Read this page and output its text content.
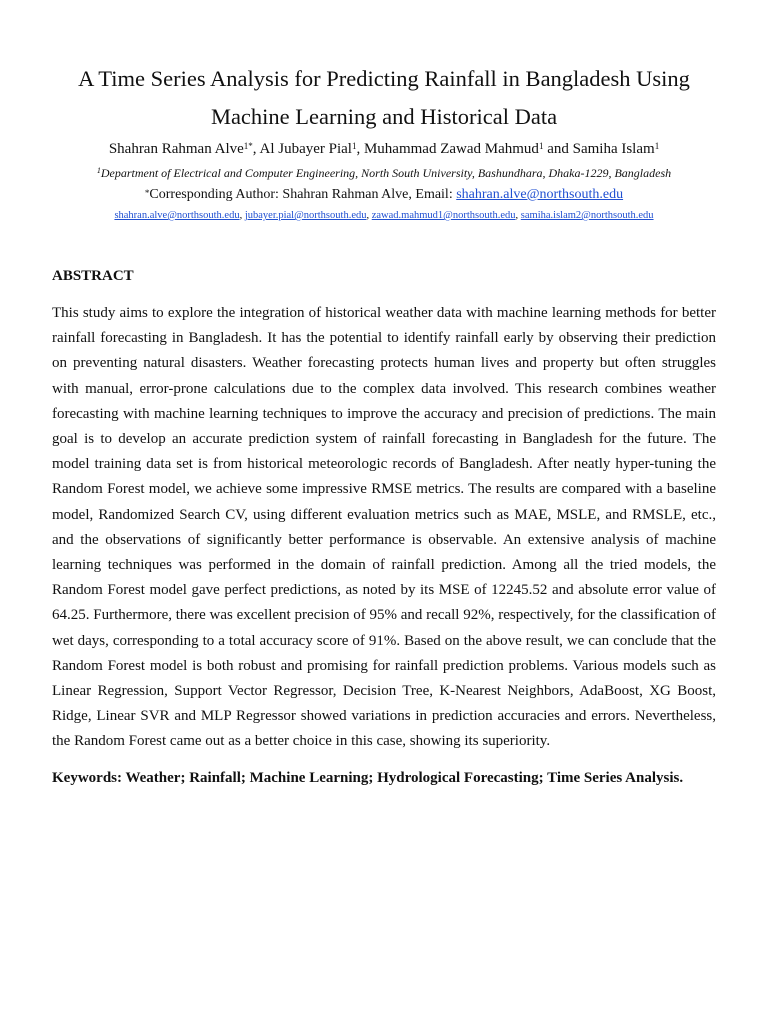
A Time Series Analysis for Predicting Rainfall in Bangladesh Using
Machine Learning and Historical Data
Shahran Rahman Alve$^{1*}$, Al Jubayer Pial$^1$, Muhammad Zawad Mahmud$^1$ and Samiha Islam$^1$
$^1$Department of Electrical and Computer Engineering, North South University, Bashundhara, Dhaka-1229, Bangladesh
*Corresponding Author: Shahran Rahman Alve, Email: shahran.alve@northsouth.edu
shahran.alve@northsouth.edu, jubayer.pial@northsouth.edu, zawad.mahmud1@northsouth.edu, samiha.islam2@northsouth.edu
ABSTRACT

This study aims to explore the integration of historical weather data with machine learning methods for better rainfall forecasting in Bangladesh. It has the potential to identify rainfall early by observing their prediction on preventing natural disasters. Weather forecasting protects human lives and property but often struggles with manual, error-prone calculations due to the complex data involved. This research combines weather forecasting with machine learning techniques to improve the accuracy and precision of predictions. The main goal is to develop an accurate prediction system of rainfall forecasting in Bangladesh for the future. The model training data set is from historical meteorologic records of Bangladesh. After neatly hyper-tuning the Random Forest model, we achieve some impressive RMSE metrics. The results are compared with a baseline model, Randomized Search CV, using different evaluation metrics such as MAE, MSLE, and RMSLE, etc., and the observations of significantly better performance is observable. An extensive analysis of machine learning techniques was performed in the domain of rainfall prediction. Among all the tried models, the Random Forest model gave perfect predictions, as noted by its MSE of 12245.52 and absolute error value of 64.25. Furthermore, there was excellent precision of 95% and recall 92%, respectively, for the classification of wet days, corresponding to a total accuracy score of 91%. Based on the above result, we can conclude that the Random Forest model is both robust and promising for rainfall prediction problems. Various models such as Linear Regression, Support Vector Regressor, Decision Tree, K-Nearest Neighbors, AdaBoost, XG Boost, Ridge, Linear SVR and MLP Regressor showed variations in prediction accuracies and errors. Nevertheless, the Random Forest came out as a better choice in this case, showing its superiority.

Keywords: Weather; Rainfall; Machine Learning; Hydrological Forecasting; Time Series Analysis.
